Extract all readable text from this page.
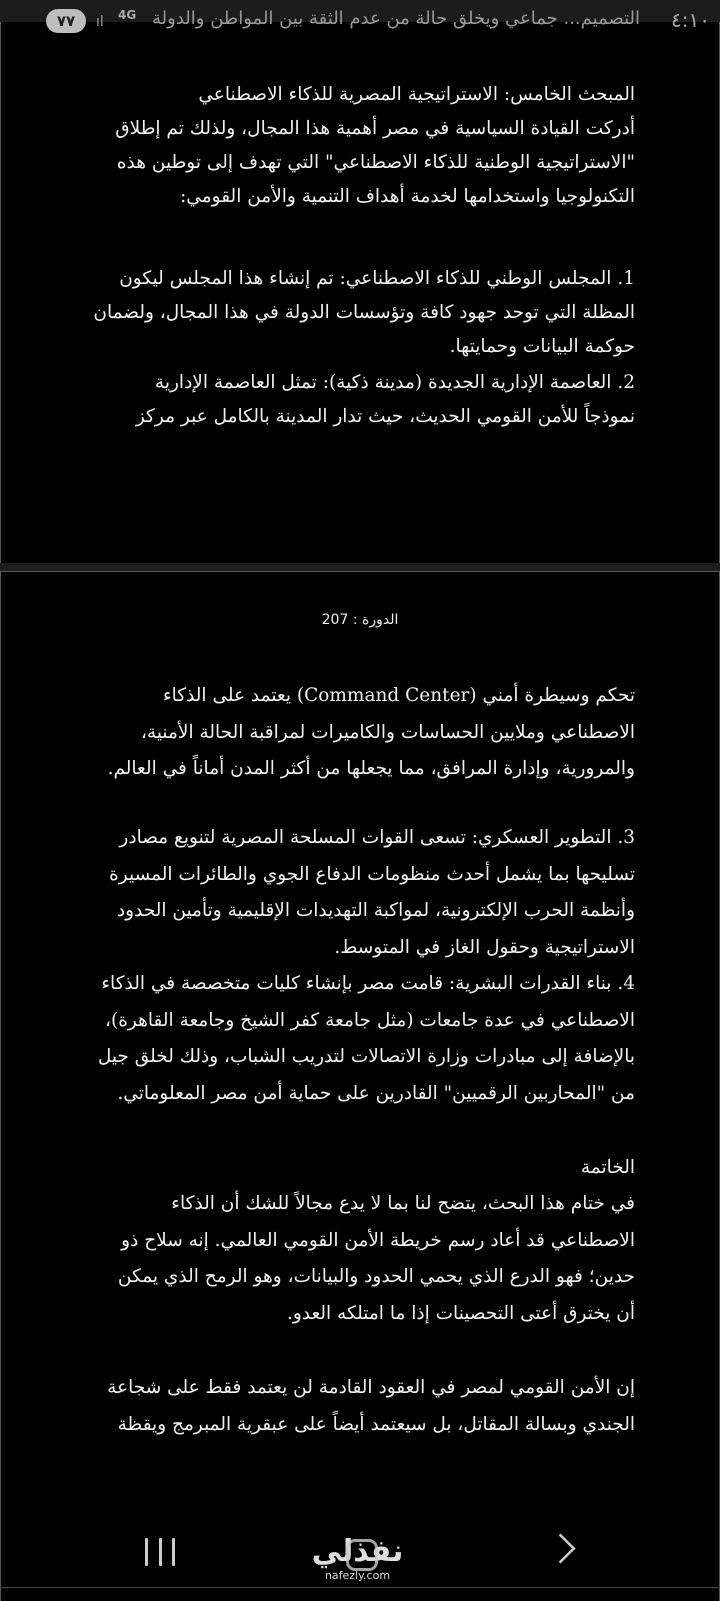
٧٧	ıl 4G التصميم... جماعي ويخلق حالة من عدم الثقة بين المواطن والدولة ٤:١٠
المبحث الخامس: الاستراتيجية المصرية للذكاء الاصطناعي
أدركت القيادة السياسية في مصر أهمية هذا المجال، ولذلك تم إطلاق
"الاستراتيجية الوطنية للذكاء الاصطناعي" التي تهدف إلى توطين هذه
التكنولوجيا واستخدامها لخدمة أهداف التنمية والأمن القومي:
1. المجلس الوطني للذكاء الاصطناعي: تم إنشاء هذا المجلس ليكون
المظلة التي توحد جهود كافة وتؤسسات الدولة في هذا المجال، ولضمان
حوكمة البيانات وحمايتها.
2. العاصمة الإدارية الجديدة (مدينة ذكية): تمثل العاصمة الإدارية
نموذجاً للأمن القومي الحديث، حيث تدار المدينة بالكامل عبر مركز
الدورة : 207
تحكم وسيطرة أمني (Command Center) يعتمد على الذكاء
الاصطناعي وملايين الحساسات والكاميرات لمراقبة الحالة الأمنية،
والمرورية، وإدارة المرافق، مما يجعلها من أكثر المدن أماناً في العالم.
3. التطوير العسكري: تسعى القوات المسلحة المصرية لتنويع مصادر
تسليحها بما يشمل أحدث منظومات الدفاع الجوي والطائرات المسيرة
وأنظمة الحرب الإلكترونية، لمواكبة التهديدات الإقليمية وتأمين الحدود
الاستراتيجية وحقول الغاز في المتوسط.
4. بناء القدرات البشرية: قامت مصر بإنشاء كليات متخصصة في الذكاء
الاصطناعي في عدة جامعات (مثل جامعة كفر الشيخ وجامعة القاهرة)،
بالإضافة إلى مبادرات وزارة الاتصالات لتدريب الشباب، وذلك لخلق جيل
من "المحاربين الرقميين" القادرين على حماية أمن مصر المعلوماتي.
الخاتمة
في ختام هذا البحث، يتضح لنا بما لا يدع مجالاً للشك أن الذكاء
الاصطناعي قد أعاد رسم خريطة الأمن القومي العالمي. إنه سلاح ذو
حدين؛ فهو الدرع الذي يحمي الحدود والبيانات، وهو الرمح الذي يمكن
أن يخترق أعتى التحصينات إذا ما امتلكه العدو.
إن الأمن القومي لمصر في العقود القادمة لن يعتمد فقط على شجاعة
الجندي وبسالة المقاتل، بل سيعتمد أيضاً على عبقرية المبرمج ويقظة
نفذلي
nafezly.com
